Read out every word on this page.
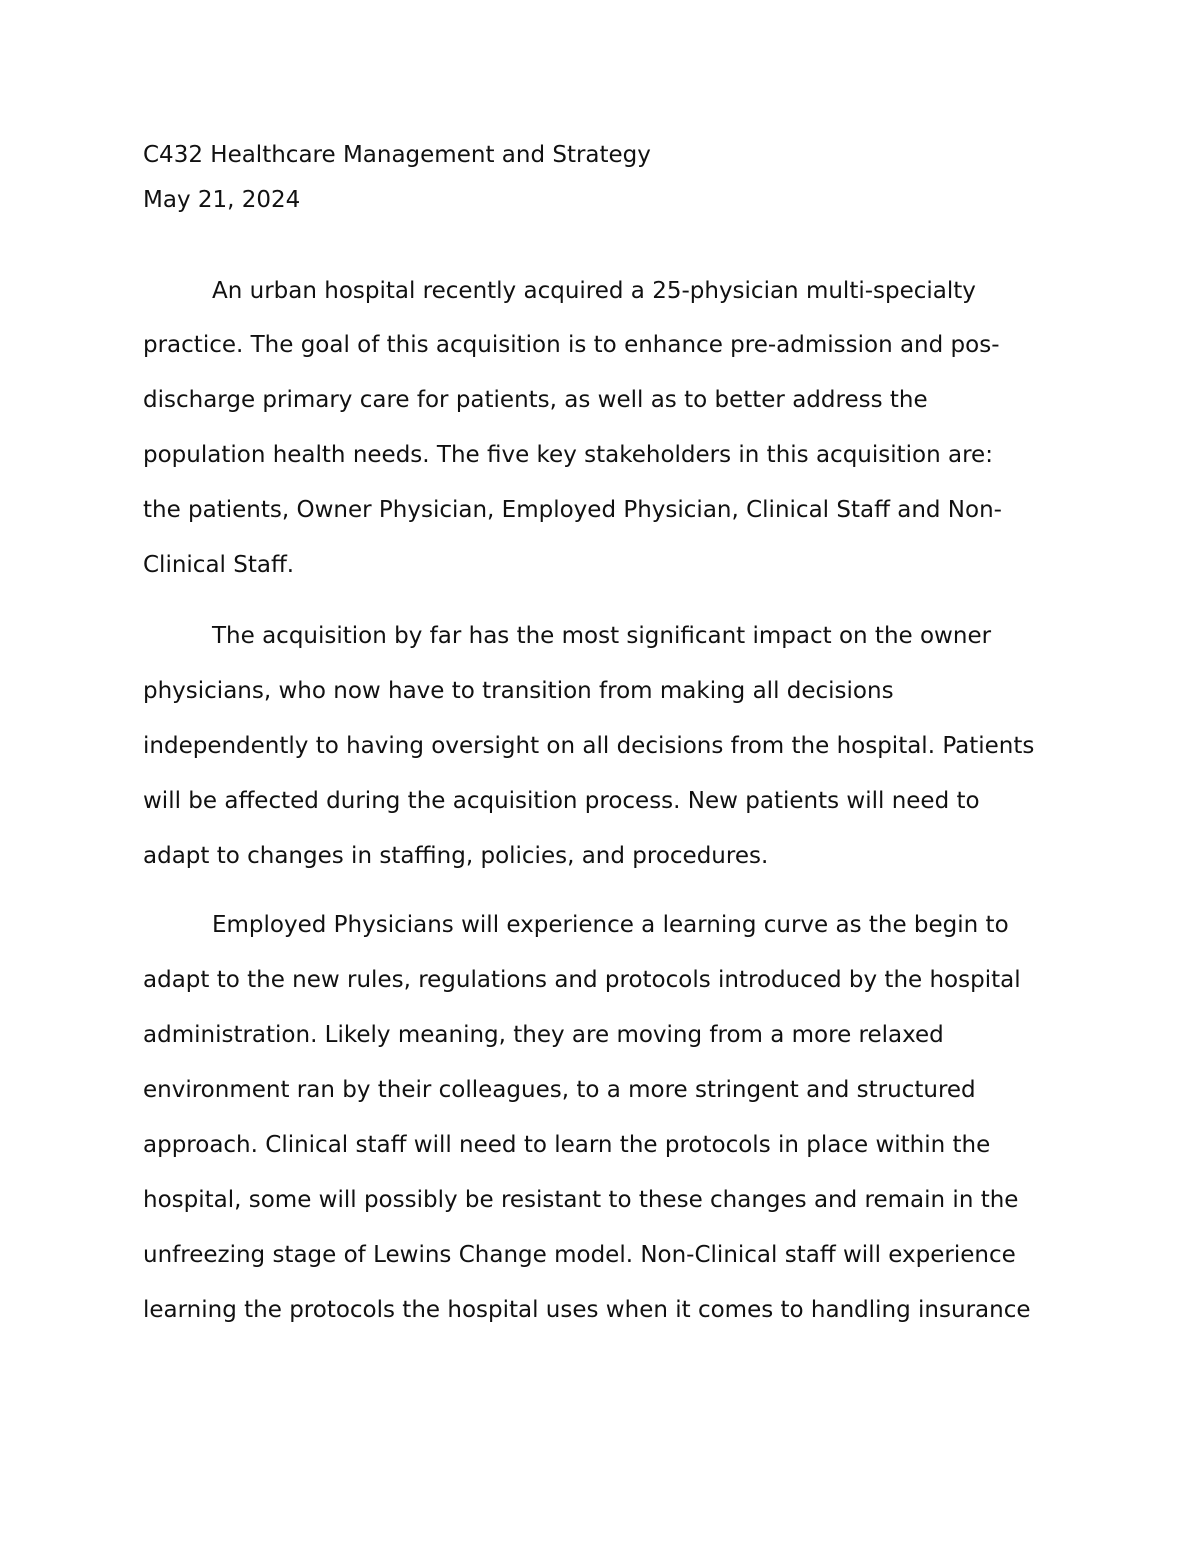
C432 Healthcare Management and Strategy
May 21, 2024
An urban hospital recently acquired a 25-physician multi-specialty
practice. The goal of this acquisition is to enhance pre-admission and pos-
discharge primary care for patients, as well as to better address the
population health needs. The five key stakeholders in this acquisition are:
the patients, Owner Physician, Employed Physician, Clinical Staff and Non-
Clinical Staff.
The acquisition by far has the most significant impact on the owner
physicians, who now have to transition from making all decisions
independently to having oversight on all decisions from the hospital. Patients
will be affected during the acquisition process. New patients will need to
adapt to changes in staffing, policies, and procedures.
Employed Physicians will experience a learning curve as the begin to
adapt to the new rules, regulations and protocols introduced by the hospital
administration. Likely meaning, they are moving from a more relaxed
environment ran by their colleagues, to a more stringent and structured
approach. Clinical staff will need to learn the protocols in place within the
hospital, some will possibly be resistant to these changes and remain in the
unfreezing stage of Lewins Change model. Non-Clinical staff will experience
learning the protocols the hospital uses when it comes to handling insurance
